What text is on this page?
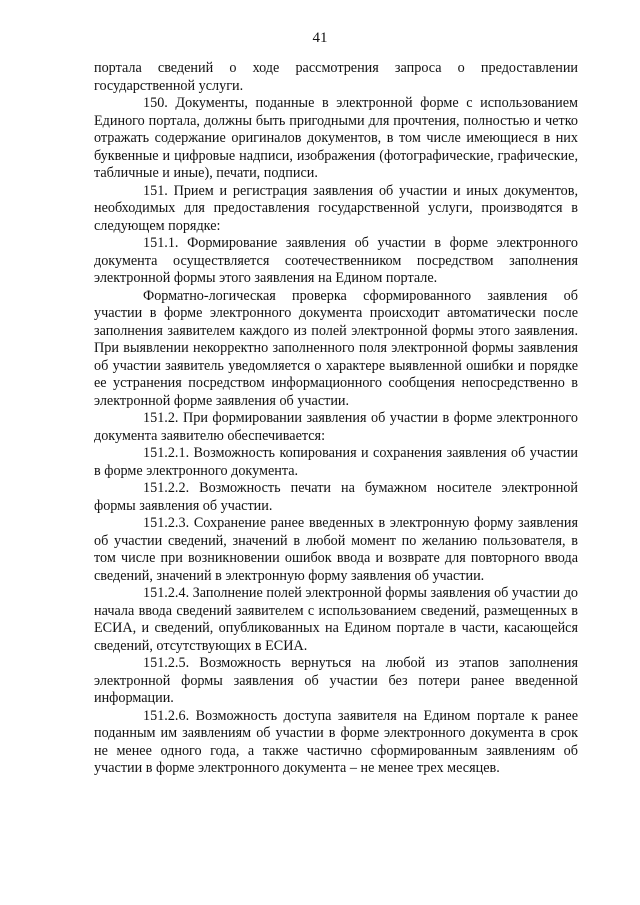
41

портала сведений о ходе рассмотрения запроса о предоставлении государственной услуги.

150. Документы, поданные в электронной форме с использованием Единого портала, должны быть пригодными для прочтения, полностью и четко отражать содержание оригиналов документов, в том числе имеющиеся в них буквенные и цифровые надписи, изображения (фотографические, графические, табличные и иные), печати, подписи.

151. Прием и регистрация заявления об участии и иных документов, необходимых для предоставления государственной услуги, производятся в следующем порядке:

151.1. Формирование заявления об участии в форме электронного документа осуществляется соотечественником посредством заполнения электронной формы этого заявления на Едином портале.

Форматно-логическая проверка сформированного заявления об участии в форме электронного документа происходит автоматически после заполнения заявителем каждого из полей электронной формы этого заявления. При выявлении некорректно заполненного поля электронной формы заявления об участии заявитель уведомляется о характере выявленной ошибки и порядке ее устранения посредством информационного сообщения непосредственно в электронной форме заявления об участии.

151.2. При формировании заявления об участии в форме электронного документа заявителю обеспечивается:

151.2.1. Возможность копирования и сохранения заявления об участии в форме электронного документа.

151.2.2. Возможность печати на бумажном носителе электронной формы заявления об участии.

151.2.3. Сохранение ранее введенных в электронную форму заявления об участии сведений, значений в любой момент по желанию пользователя, в том числе при возникновении ошибок ввода и возврате для повторного ввода сведений, значений в электронную форму заявления об участии.

151.2.4. Заполнение полей электронной формы заявления об участии до начала ввода сведений заявителем с использованием сведений, размещенных в ЕСИА, и сведений, опубликованных на Едином портале в части, касающейся сведений, отсутствующих в ЕСИА.

151.2.5. Возможность вернуться на любой из этапов заполнения электронной формы заявления об участии без потери ранее введенной информации.

151.2.6. Возможность доступа заявителя на Едином портале к ранее поданным им заявлениям об участии в форме электронного документа в срок не менее одного года, а также частично сформированным заявлениям об участии в форме электронного документа – не менее трех месяцев.
